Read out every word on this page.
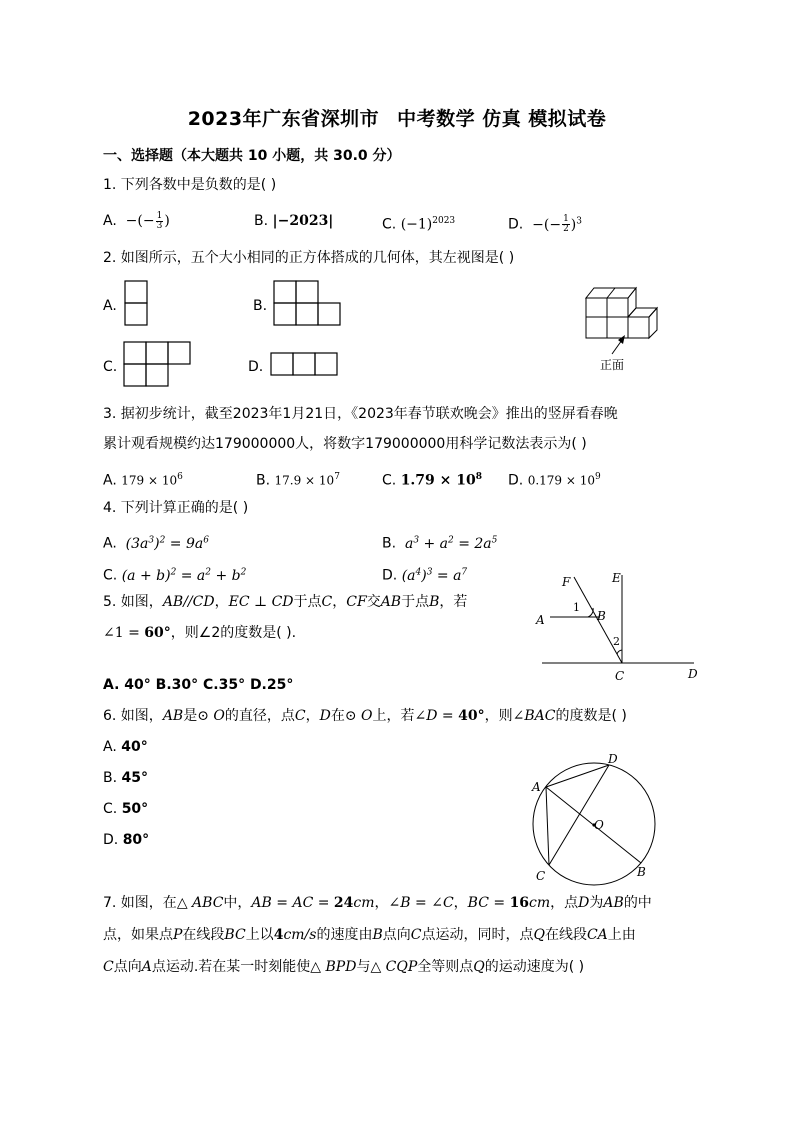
2023年广东省深圳市 中考数学 仿真 模拟试卷
一、选择题（本大题共 10 小题，共 30.0 分）
1. 下列各数中是负数的是( )
A.  −(− $\frac{1}{3}$ )	B. |−2023|	C. $(-1)^{2023}$	D.  −(− $\frac{1}{2} )^3$
2. 如图所示，五个大小相同的正方体搭成的几何体，其左视图是( )
A.	B.
C.	D.	正面
3. 据初步统计，截至2023年1月21日，《2023年春节联欢晚会》推出的竖屏看春晚
累计观看规模约达179000000人，将数字179000000用科学记数法表示为( )
A. $179 \times 10^6$	B. $17.9 \times 10^7$	C. $1.79 \times 10^8$ D. $0.179 \times 10^9$
4. 下列计算正确的是( )
A.  $(3a^3)^2 = 9a^6$	B.  $a^3 + a^2 = 2a^5$
C. $(a + b)^2 = a^2 + b^2$	D. $(a^4)^3 = a^7$
5. 如图，AB//CD，EC ⊥ CD于点C，CF交AB于点B，若
∠1 = 60°，则∠2的度数是( ).
A. 40° B.30° C.35° D.25°
F	E
1
B
A
2
C	D
6. 如图，AB是⊙ O的直径，点C，D在⊙ O上，若∠D = 40°，则∠BAC的度数是( )
A. 40°
B. 45°
C. 50°
D. 80°
D
A
O
C	B
7. 如图，在△ ABC中，AB = AC = 24cm，∠B = ∠C，BC = 16cm，点D为AB的中
点，如果点P在线段BC上以4cm/s的速度由B点向C点运动，同时，点Q在线段CA上由
C点向A点运动.若在某一时刻能使△ BPD与△ CQP全等则点Q的运动速度为( )
